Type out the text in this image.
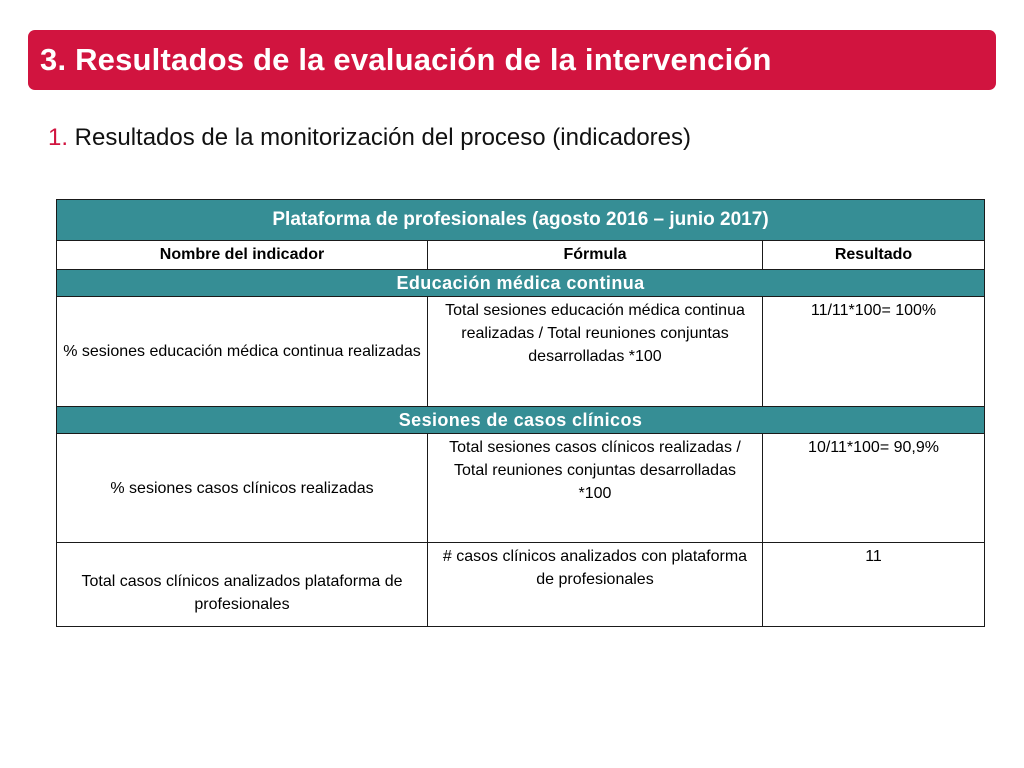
3. Resultados de la evaluación de la intervención
1. Resultados de la monitorización del proceso (indicadores)
Plataforma de profesionales (agosto 2016 – junio 2017)		
Nombre del indicador	Fórmula	Resultado
Educación médica continua		
% sesiones educación médica continua realizadas	Total sesiones educación médica continua realizadas / Total reuniones conjuntas desarrolladas *100	11/11*100= 100%
Sesiones de casos clínicos		
% sesiones casos clínicos realizadas	Total sesiones casos clínicos realizadas / Total reuniones conjuntas desarrolladas *100	10/11*100= 90,9%
Total casos clínicos analizados plataforma de profesionales	# casos clínicos analizados con plataforma de profesionales	11
